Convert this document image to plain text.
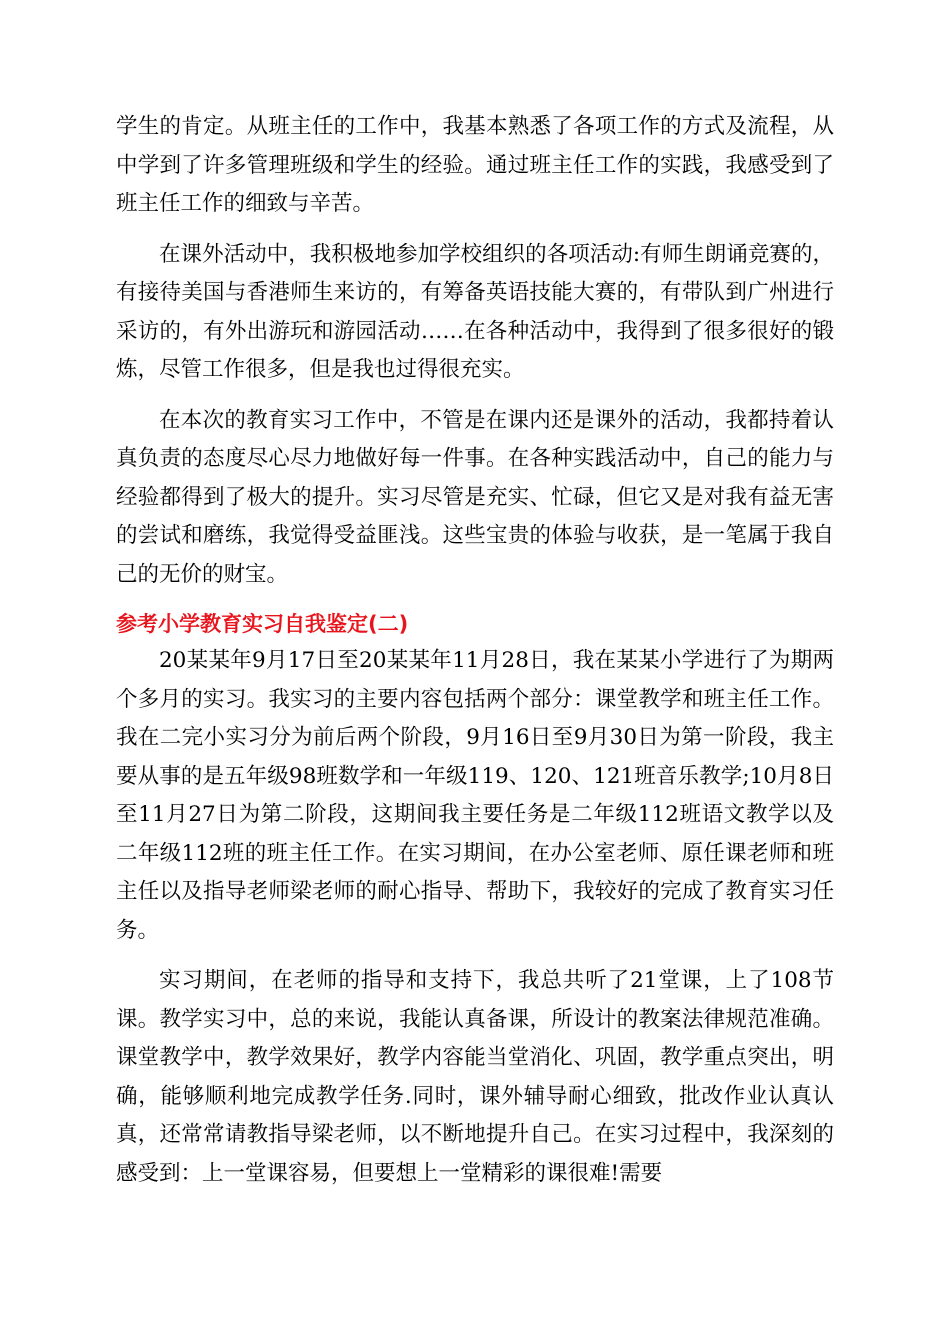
学生的肯定。从班主任的工作中，我基本熟悉了各项工作的方式及流程，从中学到了许多管理班级和学生的经验。通过班主任工作的实践，我感受到了班主任工作的细致与辛苦。

在课外活动中，我积极地参加学校组织的各项活动:有师生朗诵竞赛的，有接待美国与香港师生来访的，有筹备英语技能大赛的，有带队到广州进行采访的，有外出游玩和游园活动……在各种活动中，我得到了很多很好的锻炼，尽管工作很多，但是我也过得很充实。

在本次的教育实习工作中，不管是在课内还是课外的活动，我都持着认真负责的态度尽心尽力地做好每一件事。在各种实践活动中，自己的能力与经验都得到了极大的提升。实习尽管是充实、忙碌，但它又是对我有益无害的尝试和磨练，我觉得受益匪浅。这些宝贵的体验与收获，是一笔属于我自己的无价的财宝。

参考小学教育实习自我鉴定(二)

20某某年9月17日至20某某年11月28日，我在某某小学进行了为期两个多月的实习。我实习的主要内容包括两个部分：课堂教学和班主任工作。我在二完小实习分为前后两个阶段，9月16日至9月30日为第一阶段，我主要从事的是五年级98班数学和一年级119、120、121班音乐教学;10月8日至11月27日为第二阶段，这期间我主要任务是二年级112班语文教学以及二年级112班的班主任工作。在实习期间，在办公室老师、原任课老师和班主任以及指导老师梁老师的耐心指导、帮助下，我较好的完成了教育实习任务。

实习期间，在老师的指导和支持下，我总共听了21堂课，上了108节课。教学实习中，总的来说，我能认真备课，所设计的教案法律规范准确。课堂教学中，教学效果好，教学内容能当堂消化、巩固，教学重点突出，明确，能够顺利地完成教学任务.同时，课外辅导耐心细致，批改作业认真认真，还常常请教指导梁老师，以不断地提升自己。在实习过程中，我深刻的感受到：上一堂课容易，但要想上一堂精彩的课很难!需要
